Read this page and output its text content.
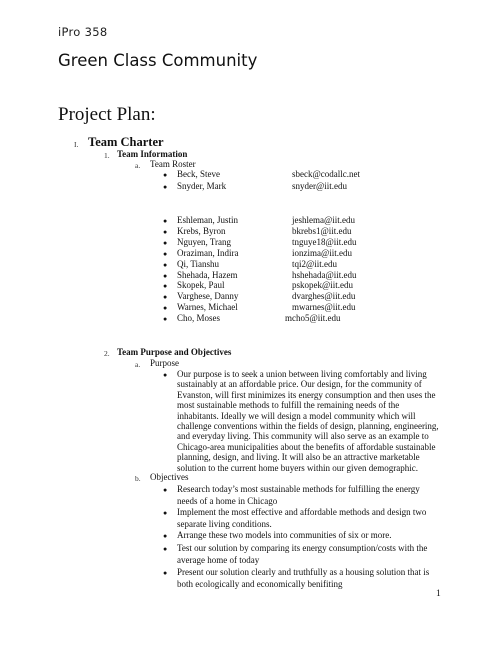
iPro 358
Green Class Community
Project Plan:
I. Team Charter
1. Team Information
a. Team Roster
● Beck, Steve	sbeck@codallc.net
● Snyder, Mark	snyder@iit.edu
● Eshleman, Justin	jeshlema@iit.edu
● Krebs, Byron	bkrebs1@iit.edu
● Nguyen, Trang	tnguye18@iit.edu
● Oraziman, Indira	ionzima@iit.edu
● Qi, Tianshu	tqi2@iit.edu
● Shehada, Hazem	hshehada@iit.edu
● Skopek, Paul	pskopek@iit.edu
● Varghese, Danny	dvarghes@iit.edu
● Warnes, Michael	mwarnes@iit.edu
● Cho, Moses	mcho5@iit.edu
2. Team Purpose and Objectives
a. Purpose
● Our purpose is to seek a union between living comfortably and living
sustainably at an affordable price. Our design, for the community of
Evanston, will first minimizes its energy consumption and then uses the
most sustainable methods to fulfill the remaining needs of the
inhabitants. Ideally we will design a model community which will
challenge conventions within the fields of design, planning, engineering,
and everyday living. This community will also serve as an example to
Chicago-area municipalities about the benefits of affordable sustainable
planning, design, and living. It will also be an attractive marketable
solution to the current home buyers within our given demographic.
b. Objectives
● Research today’s most sustainable methods for fulfilling the energy
needs of a home in Chicago
● Implement the most effective and affordable methods and design two
separate living conditions.
● Arrange these two models into communities of six or more.
● Test our solution by comparing its energy consumption/costs with the
average home of today
● Present our solution clearly and truthfully as a housing solution that is
both ecologically and economically benifiting
1
